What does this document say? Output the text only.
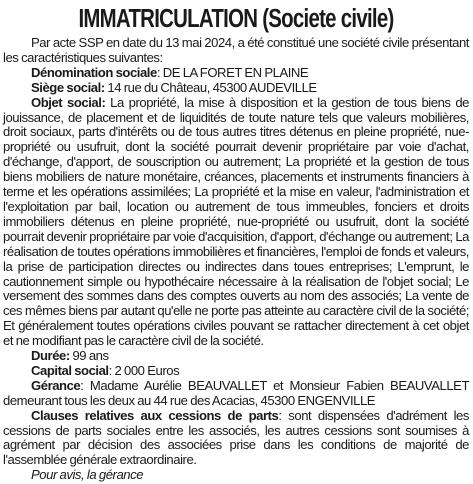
IMMATRICULATION (Societe civile)

Par acte SSP en date du 13 mai 2024, a été constitué une société civile présentant les caractéristiques suivantes:

Dénomination sociale: DE LA FORET EN PLAINE

Siège social: 14 rue du Château, 45300 AUDEVILLE

Objet social: La propriété, la mise à disposition et la gestion de tous biens de jouissance, de placement et de liquidités de toute nature tels que valeurs mobilières, droit sociaux, parts d'intérêts ou de tous autres titres détenus en pleine propriété, nue-propriété ou usufruit, dont la société pourrait devenir propriétaire par voie d'achat, d'échange, d'apport, de souscription ou autrement; La propriété et la gestion de tous biens mobiliers de nature monétaire, créances, placements et instruments financiers à terme et les opérations assimilées; La propriété et la mise en valeur, l'administration et l'exploitation par bail, location ou autrement de tous immeubles, fonciers et droits immobiliers détenus en pleine propriété, nue-propriété ou usufruit, dont la société pourrait devenir propriétaire par voie d'acquisition, d'apport, d'échange ou autrement; La réalisation de toutes opérations immobilières et financières, l'emploi de fonds et valeurs, la prise de participation directes ou indirectes dans toues entreprises; L'emprunt, le cautionnement simple ou hypothécaire nécessaire à la réalisation de l'objet social; Le versement des sommes dans des comptes ouverts au nom des associés; La vente de ces mêmes biens par autant qu'elle ne porte pas atteinte au caractère civil de la société; Et généralement toutes opérations civiles pouvant se rattacher directement à cet objet et ne modifiant pas le caractère civil de la société.

Durée: 99 ans

Capital social: 2 000 Euros

Gérance: Madame Aurélie BEAUVALLET et Monsieur Fabien BEAUVALLET demeurant tous les deux au 44 rue des Acacias, 45300 ENGENVILLE

Clauses relatives aux cessions de parts: sont dispensées d'adrément les cessions de parts sociales entre les associés, les autres cessions sont soumises à agrément par décision des associées prise dans les conditions de majorité de l'assemblée générale extraordinaire.

Pour avis, la gérance
